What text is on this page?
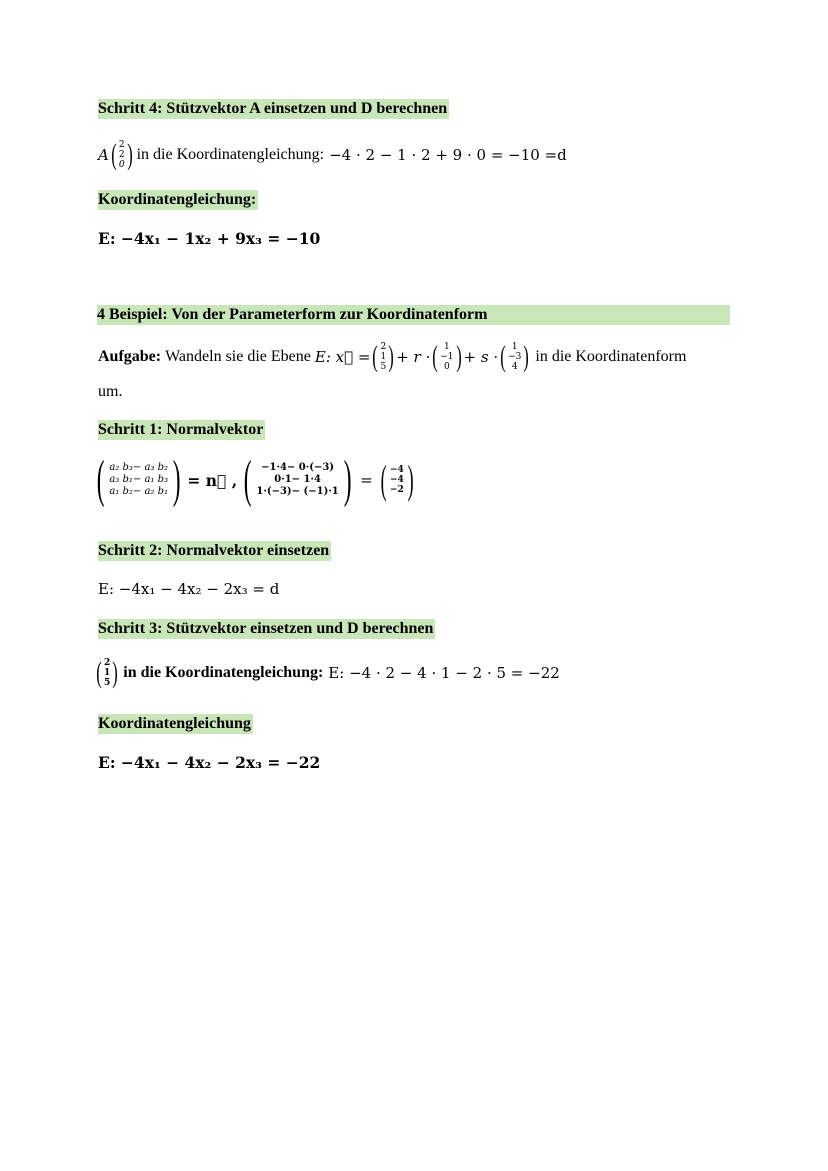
Schritt 4: Stützvektor A einsetzen und D berechnen
A ( 2
2
0 ) in die Koordinatengleichung: −4 · 2 − 1 · 2 + 9 · 0 = −10 =d
Koordinatengleichung:
E: −4x₁ − 1x₂ + 9x₃ = −10
4 Beispiel: Von der Parameterform zur Koordinatenform
Aufgabe: Wandeln sie die Ebene E: x⃗ = ( 2
1
5 ) + r · ( 1
−1
0 ) + s · ( 1
−3
4 ) in die Koordinatenform
um.
Schritt 1: Normalvektor
( a₂ b₃− a₃ b₂
a₃ b₁− a₁ b₃
a₁ b₂− a₂ b₁ ) = n⃗ , ( −1·4− 0·(−3)
0·1− 1·4
1·(−3)− (−1)·1 ) = ( −4
−4
−2 )
Schritt 2: Normalvektor einsetzen
E: −4x₁ − 4x₂ − 2x₃ = d
Schritt 3: Stützvektor einsetzen und D berechnen
( 2
1
5 ) in die Koordinatengleichung: E: −4 · 2 − 4 · 1 − 2 · 5 = −22
Koordinatengleichung
E: −4x₁ − 4x₂ − 2x₃ = −22
